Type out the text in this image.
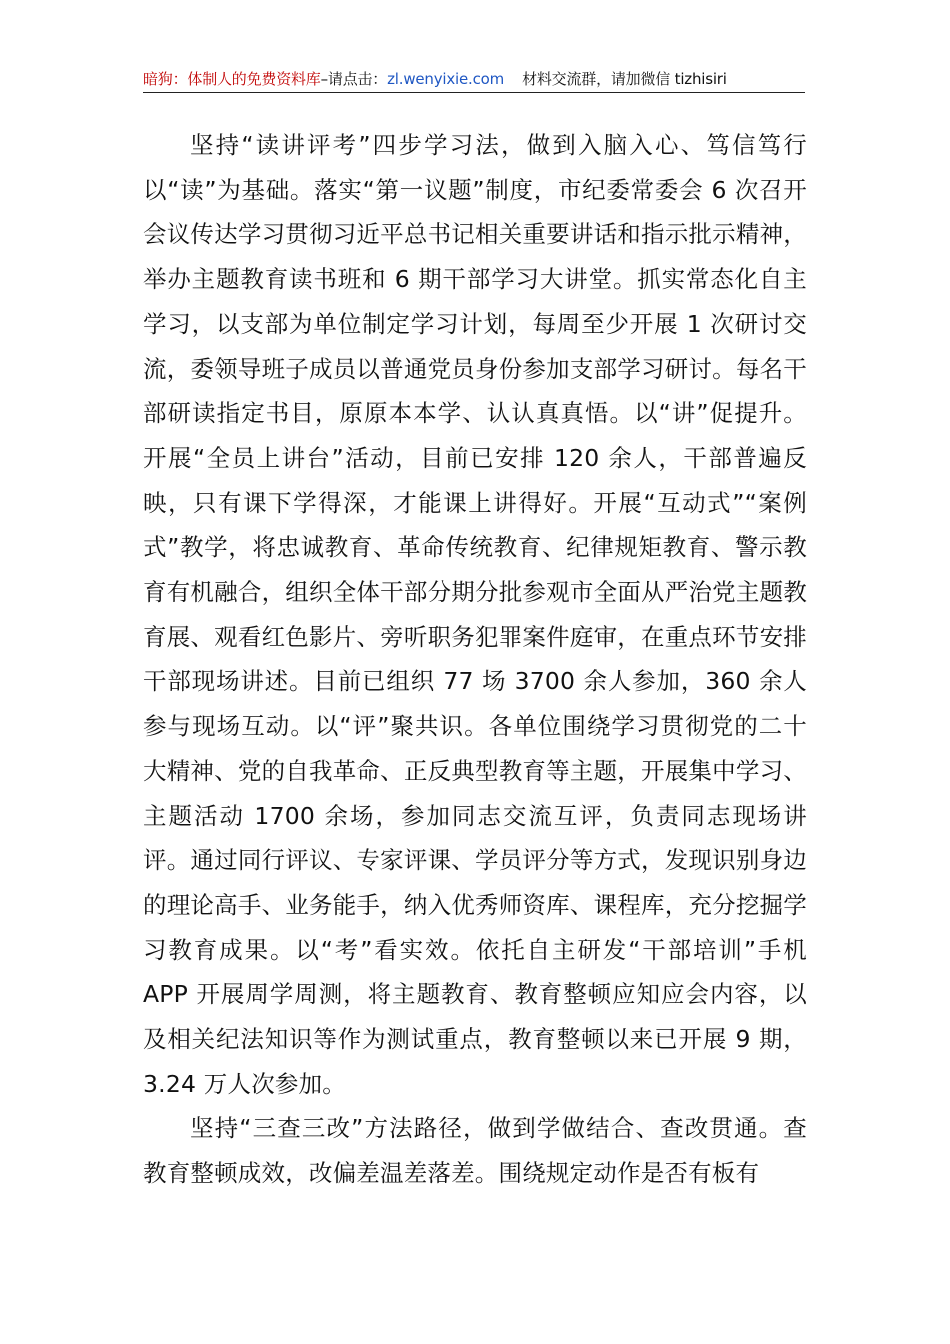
暗狗：体制人的免费资料库–请点击：zl.wenyixie.com 材料交流群，请加微信 tizhisiri

坚持“读讲评考”四步学习法，做到入脑入心、笃信笃行以“读”为基础。落实“第一议题”制度，市纪委常委会 6 次召开会议传达学习贯彻习近平总书记相关重要讲话和指示批示精神，举办主题教育读书班和 6 期干部学习大讲堂。抓实常态化自主学习，以支部为单位制定学习计划，每周至少开展 1 次研讨交流，委领导班子成员以普通党员身份参加支部学习研讨。每名干部研读指定书目，原原本本学、认认真真悟。以“讲”促提升。开展“全员上讲台”活动，目前已安排 120 余人，干部普遍反映，只有课下学得深，才能课上讲得好。开展“互动式”“案例式”教学，将忠诚教育、革命传统教育、纪律规矩教育、警示教育有机融合，组织全体干部分期分批参观市全面从严治党主题教育展、观看红色影片、旁听职务犯罪案件庭审，在重点环节安排干部现场讲述。目前已组织 77 场 3700 余人参加，360 余人参与现场互动。以“评”聚共识。各单位围绕学习贯彻党的二十大精神、党的自我革命、正反典型教育等主题，开展集中学习、主题活动 1700 余场，参加同志交流互评，负责同志现场讲评。通过同行评议、专家评课、学员评分等方式，发现识别身边的理论高手、业务能手，纳入优秀师资库、课程库，充分挖掘学习教育成果。以“考”看实效。依托自主研发“干部培训”手机 APP 开展周学周测，将主题教育、教育整顿应知应会内容，以及相关纪法知识等作为测试重点，教育整顿以来已开展 9 期，3.24 万人次参加。

坚持“三查三改”方法路径，做到学做结合、查改贯通。查教育整顿成效，改偏差温差落差。围绕规定动作是否有板有
